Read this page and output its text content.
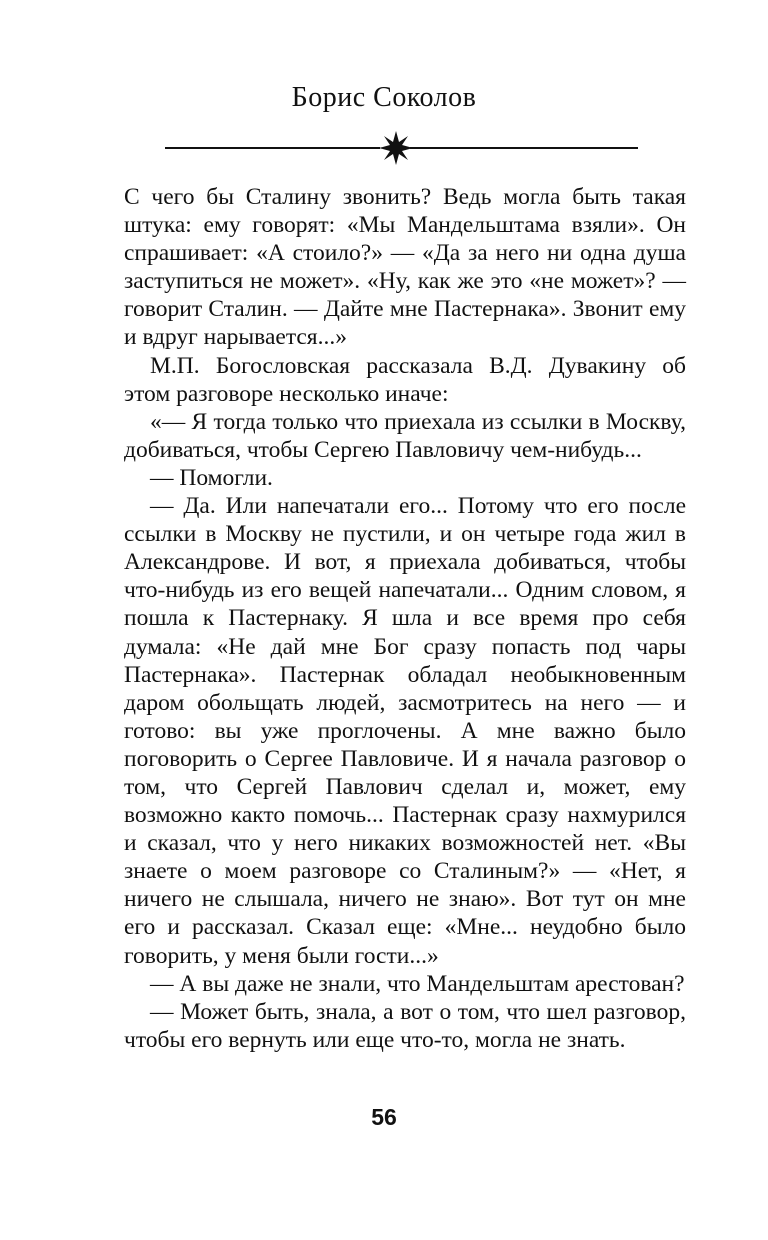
Борис Соколов

С чего бы Сталину звонить? Ведь могла быть такая штука: ему говорят: «Мы Мандельштама взяли». Он спрашивает: «А стоило?» — «Да за него ни одна душа заступиться не может». «Ну, как же это «не может»? — говорит Сталин. — Дайте мне Пастернака». Звонит ему и вдруг нарывается...»

М.П. Богословская рассказала В.Д. Дувакину об этом разговоре несколько иначе:

«— Я тогда только что приехала из ссылки в Москву, добиваться, чтобы Сергею Павловичу чем-нибудь...

— Помогли.

— Да. Или напечатали его... Потому что его после ссылки в Москву не пустили, и он четыре года жил в Александрове. И вот, я приехала добиваться, чтобы что-нибудь из его вещей напечатали... Одним словом, я пошла к Пастернаку. Я шла и все время про себя думала: «Не дай мне Бог сразу попасть под чары Пастернака». Пастернак обладал необыкновенным даром обольщать людей, засмотритесь на него — и готово: вы уже проглочены. А мне важно было поговорить о Сергее Павловиче. И я начала разговор о том, что Сергей Павлович сделал и, может, ему возможно както помочь... Пастернак сразу нахмурился и сказал, что у него никаких возможностей нет. «Вы знаете о моем разговоре со Сталиным?» — «Нет, я ничего не слышала, ничего не знаю». Вот тут он мне его и рассказал. Сказал еще: «Мне... неудобно было говорить, у меня были гости...»

— А вы даже не знали, что Мандельштам арестован?

— Может быть, знала, а вот о том, что шел разговор, чтобы его вернуть или еще что-то, могла не знать.

56
